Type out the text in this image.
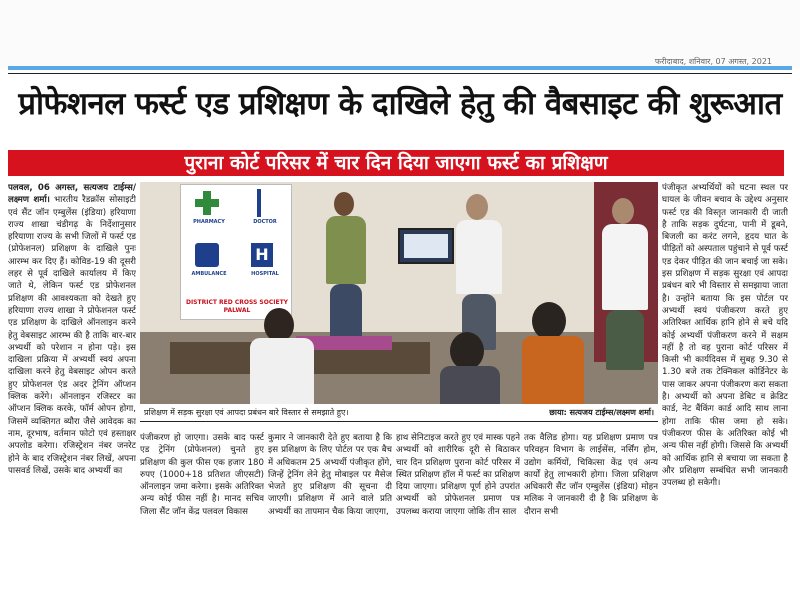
फरीदाबाद, शनिवार, 07 अगस्त, 2021
प्रोफेशनल फर्स्ट एड प्रशिक्षण के दाखिले हेतु की वैबसाइट की शुरूआत
पुराना कोर्ट परिसर में चार दिन दिया जाएगा फर्स्ट का प्रशिक्षण
पलवल, 06 अगस्त, सत्यजय टाईम्स/लक्ष्मण शर्मा। भारतीय रैडक्रॉस सोसाइटी एवं सैंट जॉन एम्बुलेंस (इंडिया) हरियाणा राज्य शाखा चंडीगढ़ के निर्देशानुसार हरियाणा राज्य के सभी जिलों में फर्स्ट एड (प्रोफेशनल) प्रशिक्षण के दाखिले पुनः आरम्भ कर दिए हैं। कोविड-19 की दूसरी लहर से पूर्व दाखिले कार्यालय में किए जाते थे, लेकिन फर्स्ट एड प्रोफेशनल प्रशिक्षण की आवश्यकता को देखते हुए हरियाणा राज्य शाखा ने प्रोफेशनल फर्स्ट एड प्रशिक्षण के दाखिले ऑनलाइन करने हेतु वेबसाइट आरम्भ की है ताकि बार-बार अभ्यर्थी को परेशान न होना पड़े। इस दाखिला प्रक्रिया में अभ्यर्थी स्वयं अपना दाखिला करने हेतु वेबसाइट ओपन करते हुए प्रोफेशनल एंड अदर ट्रेनिंग ऑप्शन क्लिक करेंगे। ऑनलाइन रजिस्टर का ऑप्शन क्लिक करके, फॉर्म ओपन होगा, जिसमें व्यक्तिगत ब्यौरा जैसे आवेदक का नाम, दूरभाष, वर्तमान फोटो एवं हस्ताक्षर अपलोड करेगा। रजिस्ट्रेशन नंबर जनरेट होने के बाद रजिस्ट्रेशन नंबर लिखें, अपना पासवर्ड लिखें, उसके बाद अभ्यर्थी का
PHARMACY	DOCTOR
AMBULANCE
H
HOSPITAL
DISTRICT RED CROSS SOCIETY
PALWAL
प्रशिक्षण में सड़क सुरक्षा एवं आपदा प्रबंधन बारे विस्तार से समझाते हुए।	छाया: सत्यजय टाईम्स/लक्ष्मण शर्मा।
पंजीकरण हो जाएगा। उसके बाद फर्स्ट एड ट्रेनिंग (प्रोफेशनल) चुनते हुए प्रशिक्षण की कुल फीस एक हजार 180 रुपए (1000+18 प्रतिशत जीएसटी) ऑनलाइन जमा करेगा। इसके अतिरिक्त अन्य कोई फीस नहीं है। मानद सचिव जिला सैंट जॉन केंद्र पलवल विकास
कुमार ने जानकारी देते हुए बताया है कि इस प्रशिक्षण के लिए पोर्टल पर एक बैच में अधिकतम 25 अभ्यर्थी पंजीकृत होंगे, जिन्हें ट्रेनिंग लेने हेतु मोबाइल पर मैसेज भेजते हुए प्रशिक्षण की सूचना दी जाएगी। प्रशिक्षण में आने वाले प्रति अभ्यर्थी का तापमान चैक किया जाएगा,
हाथ सेनिटाइज करते हुए एवं मास्क पहने अभ्यर्थी को शारीरिक दूरी से बिठाकर चार दिन प्रशिक्षण पुराना कोर्ट परिसर में स्थित प्रशिक्षण हॉल में फर्स्ट का प्रशिक्षण दिया जाएगा। प्रशिक्षण पूर्ण होने उपरांत अभ्यर्थी को प्रोफेशनल प्रमाण पत्र उपलब्ध कराया जाएगा जोकि तीन साल
तक वैलिड होगा। यह प्रशिक्षण प्रमाण पत्र परिवहन विभाग के लाईसेंस, नर्सिंग होम, उद्योग कर्मियों, चिकित्सा केंद्र एवं अन्य कार्यों हेतु लाभकारी होगा। जिला प्रशिक्षण अधिकारी सैंट जॉन एम्बुलेंस (इंडिया) मोहन मलिक ने जानकारी दी है कि प्रशिक्षण के दौरान सभी
पंजीकृत अभ्यर्थियों को घटना स्थल पर घायल के जीवन बचाव के उद्देश्य अनुसार फर्स्ट एड की विस्तृत जानकारी दी जाती है ताकि सड़क दुर्घटना, पानी में डूबने, बिजली का करंट लगने, हृदय घात के पीड़ितों को अस्पताल पहुंचाने से पूर्व फर्स्ट एड देकर पीड़ित की जान बचाई जा सके। इस प्रशिक्षण में सड़क सुरक्षा एवं आपदा प्रबंधन बारे भी विस्तार से समझाया जाता है। उन्होंने बताया कि इस पोर्टल पर अभ्यर्थी स्वयं पंजीकरण करते हुए अतिरिक्त आर्थिक हानि होने से बचे यदि कोई अभ्यर्थी पंजीकरण करने में सक्षम नहीं है तो वह पुराना कोर्ट परिसर में किसी भी कार्यदिवस में सुबह 9.30 से 1.30 बजे तक टेक्निकल कोर्डिनेटर के पास जाकर अपना पंजीकरण करा सकता है। अभ्यर्थी को अपना डेबिट व क्रेडिट कार्ड, नेट बैंकिंग कार्ड आदि साथ लाना होगा ताकि फीस जमा हो सके। पंजीकरण फीस के अतिरिक्त कोई भी अन्य फीस नहीं होगी। जिससे कि अभ्यर्थी को आर्थिक हानि से बचाया जा सकता है और प्रशिक्षण सम्बंधित सभी जानकारी उपलब्ध हो सकेगी।
